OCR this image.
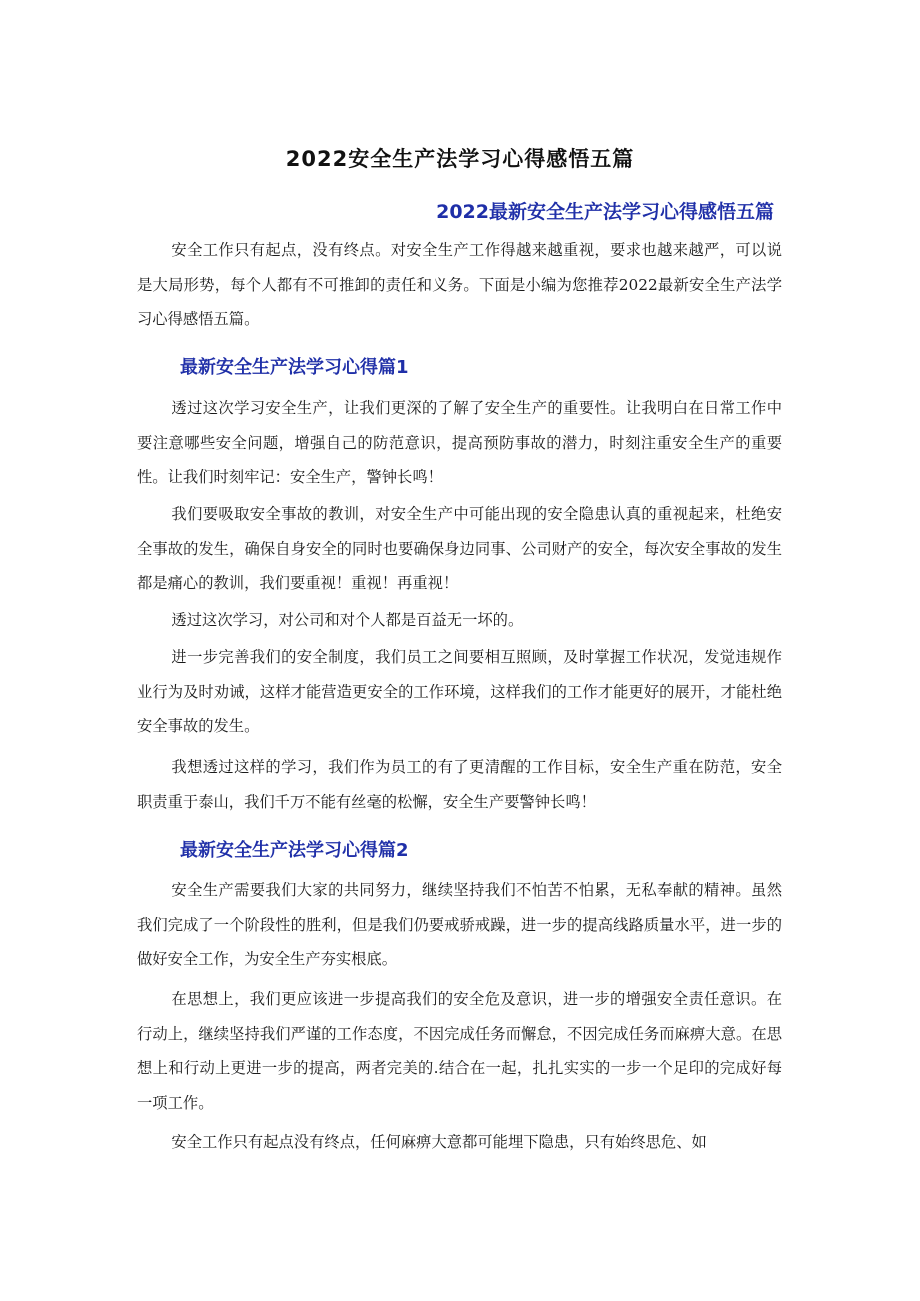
2022安全生产法学习心得感悟五篇
2022最新安全生产法学习心得感悟五篇

安全工作只有起点，没有终点。对安全生产工作得越来越重视，要求也越来越严，可以说是大局形势，每个人都有不可推卸的责任和义务。下面是小编为您推荐2022最新安全生产法学习心得感悟五篇。

最新安全生产法学习心得篇1

透过这次学习安全生产，让我们更深的了解了安全生产的重要性。让我明白在日常工作中要注意哪些安全问题，增强自己的防范意识，提高预防事故的潜力，时刻注重安全生产的重要性。让我们时刻牢记：安全生产，警钟长鸣！

我们要吸取安全事故的教训，对安全生产中可能出现的安全隐患认真的重视起来，杜绝安全事故的发生，确保自身安全的同时也要确保身边同事、公司财产的安全，每次安全事故的发生都是痛心的教训，我们要重视！重视！再重视！

透过这次学习，对公司和对个人都是百益无一坏的。

进一步完善我们的安全制度，我们员工之间要相互照顾，及时掌握工作状况，发觉违规作业行为及时劝诫，这样才能营造更安全的工作环境，这样我们的工作才能更好的展开，才能杜绝安全事故的发生。

我想透过这样的学习，我们作为员工的有了更清醒的工作目标，安全生产重在防范，安全职责重于泰山，我们千万不能有丝毫的松懈，安全生产要警钟长鸣！

最新安全生产法学习心得篇2

安全生产需要我们大家的共同努力，继续坚持我们不怕苦不怕累，无私奉献的精神。虽然我们完成了一个阶段性的胜利，但是我们仍要戒骄戒躁，进一步的提高线路质量水平，进一步的做好安全工作，为安全生产夯实根底。

在思想上，我们更应该进一步提高我们的安全危及意识，进一步的增强安全责任意识。在行动上，继续坚持我们严谨的工作态度，不因完成任务而懈怠，不因完成任务而麻痹大意。在思想上和行动上更进一步的提高，两者完美的.结合在一起，扎扎实实的一步一个足印的完成好每一项工作。

安全工作只有起点没有终点，任何麻痹大意都可能埋下隐患，只有始终思危、如
